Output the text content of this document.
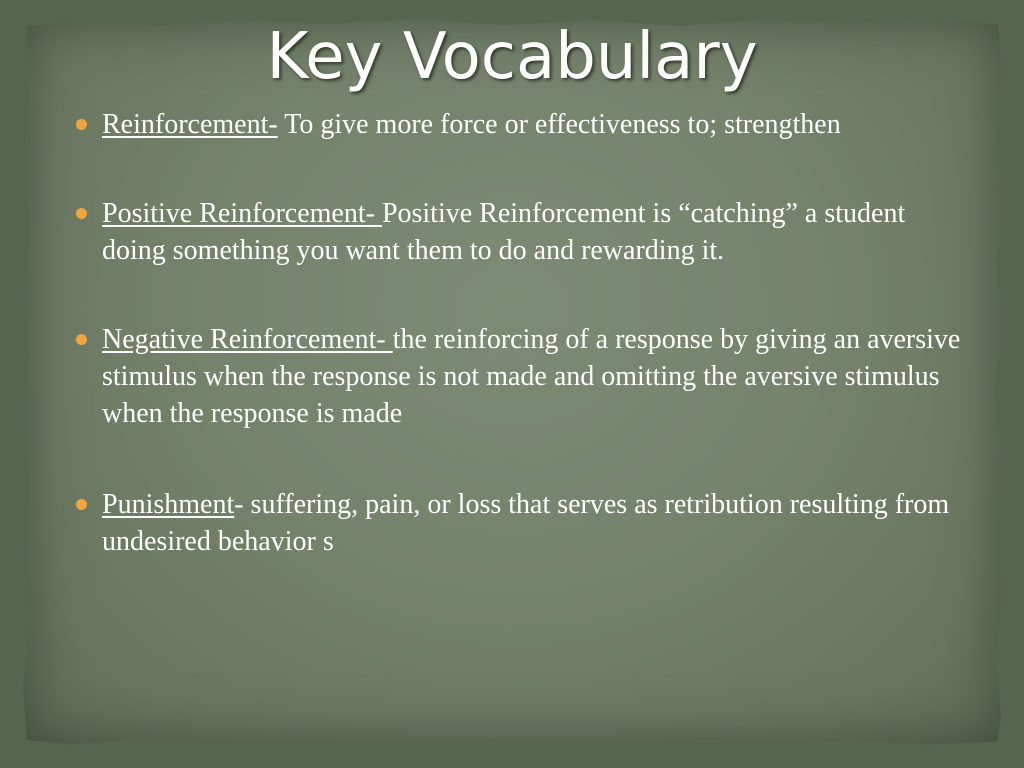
Key Vocabulary
Reinforcement- To give more force or effectiveness to; strengthen
Positive Reinforcement- Positive Reinforcement is “catching” a student doing something you want them to do and rewarding it.
Negative Reinforcement- the reinforcing of a response by giving an aversive stimulus when the response is not made and omitting the aversive stimulus when the response is made
Punishment- suffering, pain, or loss that serves as retribution resulting from undesired behavior s
